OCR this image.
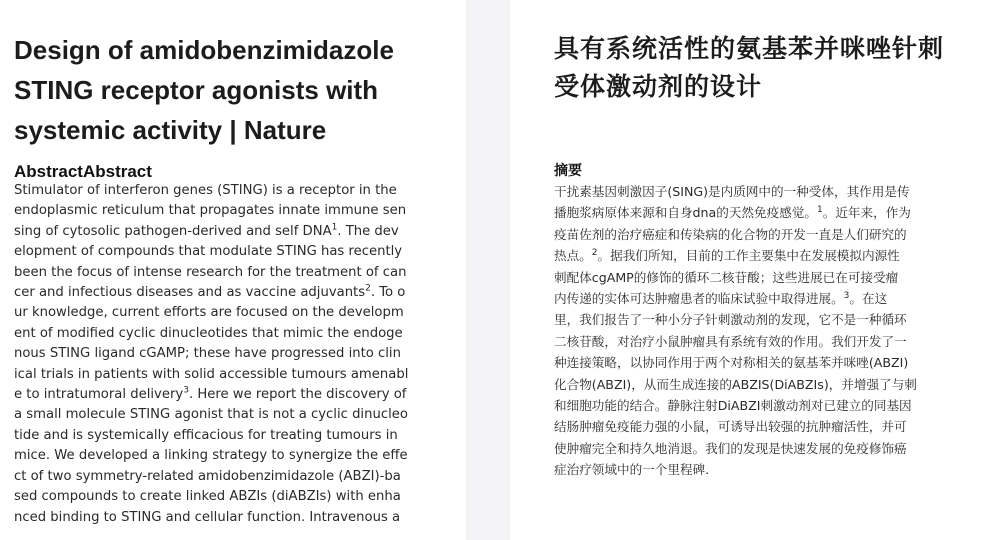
Design of amidobenzimidazole STING receptor agonists with systemic activity | Nature
AbstractAbstract
Stimulator of interferon genes (STING) is a receptor in the
endoplasmic reticulum that propagates innate immune sen
sing of cytosolic pathogen-derived and self DNA$^1$. The dev
elopment of compounds that modulate STING has recently
been the focus of intense research for the treatment of can
cer and infectious diseases and as vaccine adjuvants$^2$. To o
ur knowledge, current efforts are focused on the developm
ent of modified cyclic dinucleotides that mimic the endoge
nous STING ligand cGAMP; these have progressed into clin
ical trials in patients with solid accessible tumours amenabl
e to intratumoral delivery$^3$. Here we report the discovery of
a small molecule STING agonist that is not a cyclic dinucleo
tide and is systemically efficacious for treating tumours in
mice. We developed a linking strategy to synergize the effe
ct of two symmetry-related amidobenzimidazole (ABZI)-ba
sed compounds to create linked ABZIs (diABZIs) with enha
nced binding to STING and cellular function. Intravenous a
具有系统活性的氨基苯并咪唑针刺
受体激动剂的设计
摘要
干扰素基因刺激因子(SING)是内质网中的一种受体，其作用是传
播胞浆病原体来源和自身dna的天然免疫感觉。$^1$。近年来，作为
疫苗佐剂的治疗癌症和传染病的化合物的开发一直是人们研究的
热点。$^2$。据我们所知，目前的工作主要集中在发展模拟内源性
刺配体cgAMP的修饰的循环二核苷酸；这些进展已在可接受瘤
内传递的实体可达肿瘤患者的临床试验中取得进展。$^3$。在这
里，我们报告了一种小分子针刺激动剂的发现，它不是一种循环
二核苷酸，对治疗小鼠肿瘤具有系统有效的作用。我们开发了一
种连接策略，以协同作用于两个对称相关的氨基苯并咪唑(ABZI)
化合物(ABZI)，从而生成连接的ABZIS(DiABZIs)，并增强了与刺
和细胞功能的结合。静脉注射DiABZI刺激动剂对已建立的同基因
结肠肿瘤免疫能力强的小鼠，可诱导出较强的抗肿瘤活性，并可
使肿瘤完全和持久地消退。我们的发现是快速发展的免疫修饰癌
症治疗领域中的一个里程碑.
